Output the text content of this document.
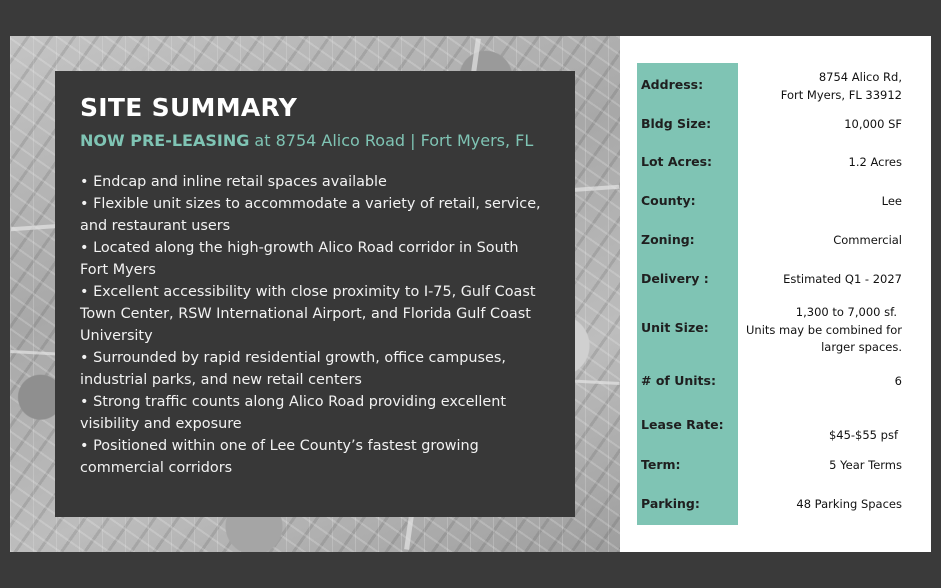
SITE SUMMARY
NOW PRE-LEASING at 8754 Alico Road | Fort Myers, FL
• Endcap and inline retail spaces available
• Flexible unit sizes to accommodate a variety of retail, service,
and restaurant users
• Located along the high-growth Alico Road corridor in South
Fort Myers
• Excellent accessibility with close proximity to I-75, Gulf Coast
Town Center, RSW International Airport, and Florida Gulf Coast
University
• Surrounded by rapid residential growth, office campuses,
industrial parks, and new retail centers
• Strong traffic counts along Alico Road providing excellent
visibility and exposure
• Positioned within one of Lee County’s fastest growing
commercial corridors
Address:	8754 Alico Rd,
Fort Myers, FL 33912
Bldg Size:	10,000 SF
Lot Acres:	1.2 Acres
County:	Lee
Zoning:	Commercial
Delivery :	Estimated Q1 - 2027
Unit Size:
1,300 to 7,000 sf.
Units may be combined for
larger spaces.
# of Units:	6
Lease Rate:
$45-$55 psf
Term:	5 Year Terms
Parking:	48 Parking Spaces
